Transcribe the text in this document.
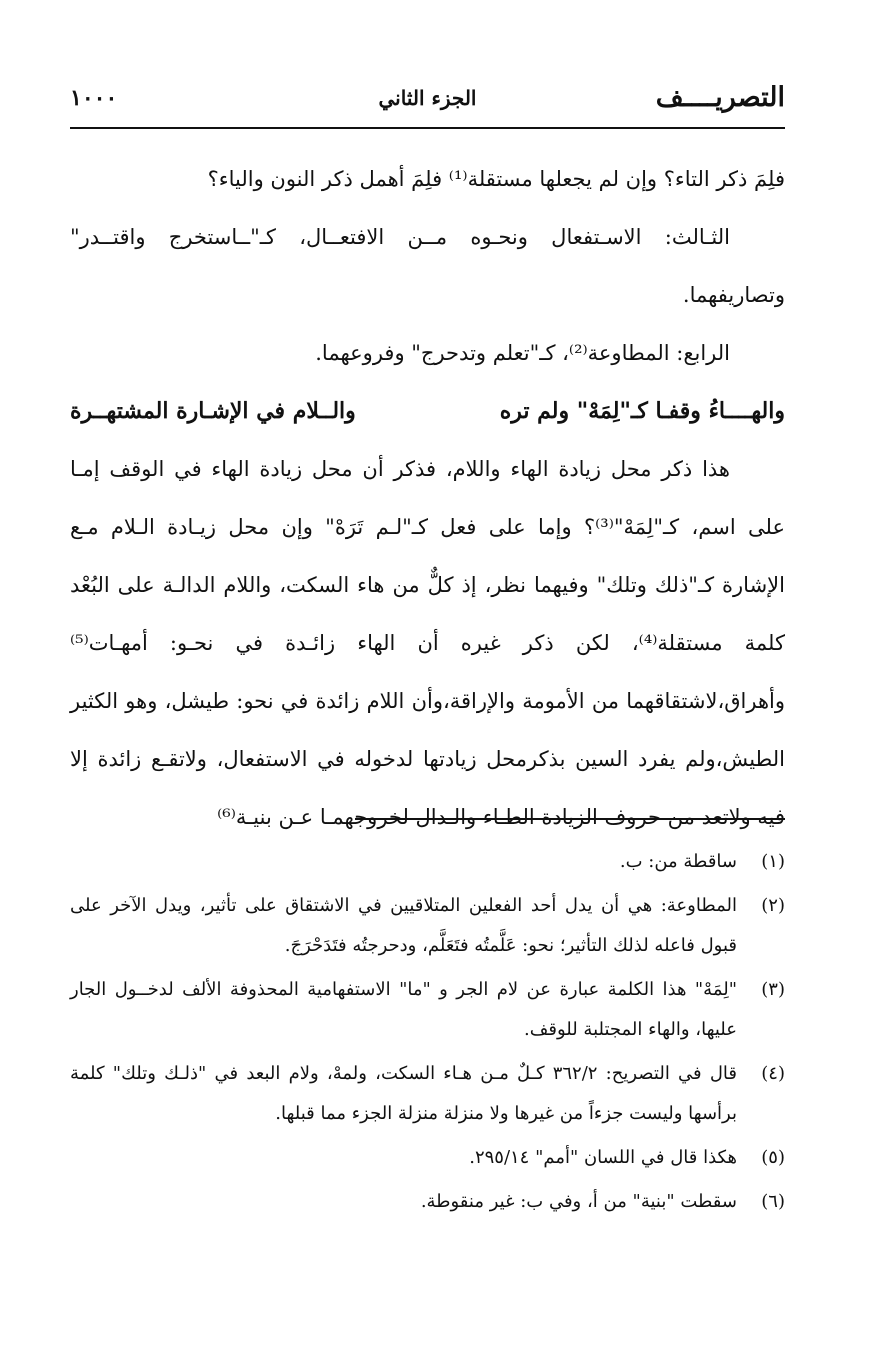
التصريــــف
الجزء الثاني
١٠٠٠

فلِمَ ذكر التاء؟ وإن لم يجعلها مستقلة⁽¹⁾ فلِمَ أهمل ذكر النون والياء؟

الثـالث: الاسـتفعال ونحـوه مــن الافتعــال، كـ"ــاستخرج واقتــدر" وتصاريفهما.

الرابع: المطاوعة⁽²⁾، كـ"تعلم وتدحرج" وفروعهما.

والهــــاءُ وقفـا كـ"لِمَهْ" ولم تره
والــلام في الإشـارة المشتهــرة

هذا ذكر محل زيادة الهاء واللام، فذكر أن محل زيادة الهاء في الوقف إمـا على اسم، كـ"لِمَهْ"⁽³⁾؟ وإما على فعل كـ"لـم تَرَهْ" وإن محل زيـادة الـلام مـع الإشارة كـ"ذلك وتلك" وفيهما نظر، إذ كلٌّ من هاء السكت، واللام الدالـة على البُعْد كلمة مستقلة⁽⁴⁾، لكن ذكر غيره أن الهاء زائـدة في نحـو: أمهـات⁽⁵⁾ وأهراق،لاشتقاقهما من الأمومة والإراقة،وأن اللام زائدة في نحو: طيشل، وهو الكثير الطيش،ولم يفرد السين بذكرمحل زيادتها لدخوله في الاستفعال، ولاتقـع زائدة إلا فيه ولاتعد من حروف الزيادة الطـاء والـدال لخروجهمـا عـن بنيـة⁽⁶⁾

(١)
ساقطة من: ب.
(٢)
المطاوعة: هي أن يدل أحد الفعلين المتلاقيين في الاشتقاق على تأثير، ويدل الآخر على قبول فاعله لذلك التأثير؛ نحو: عَلَّمتُه فتَعَلَّم، ودحرجتُه فتَدَحْرَجَ.
(٣)
"لِمَهْ" هذا الكلمة عبارة عن لام الجر و "ما" الاستفهامية المحذوفة الألف لدخــول الجار عليها، والهاء المجتلبة للوقف.
(٤)
قال في التصريح: ٣٦٢/٢ كـلٌ مـن هـاء السكت، ولمهْ، ولام البعد في "ذلـك وتلك" كلمة برأسها وليست جزءاً من غيرها ولا منزلة منزلة الجزء مما قبلها.
(٥)
هكذا قال في اللسان "أمم" ٢٩٥/١٤.
(٦)
سقطت "بنية" من أ، وفي ب: غير منقوطة.
